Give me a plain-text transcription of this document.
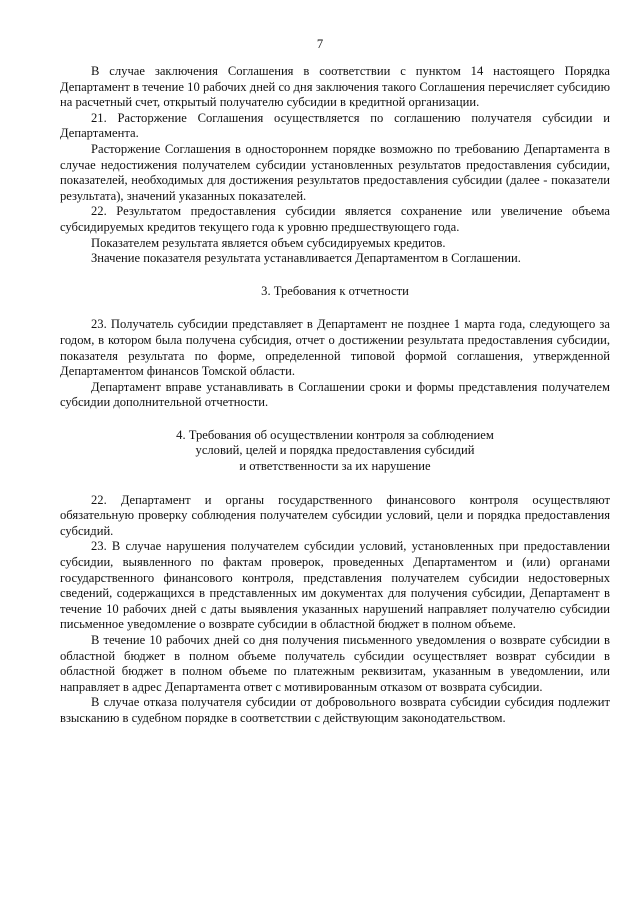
7

В случае заключения Соглашения в соответствии с пунктом 14 настоящего Порядка Департамент в течение 10 рабочих дней со дня заключения такого Соглашения перечисляет субсидию на расчетный счет, открытый получателю субсидии в кредитной организации.

21. Расторжение Соглашения осуществляется по соглашению получателя субсидии и Департамента.

Расторжение Соглашения в одностороннем порядке возможно по требованию Департамента в случае недостижения получателем субсидии установленных результатов предоставления субсидии, показателей, необходимых для достижения результатов предоставления субсидии (далее - показатели результата), значений указанных показателей.

22. Результатом предоставления субсидии является сохранение или увеличение объема субсидируемых кредитов текущего года к уровню предшествующего года.

Показателем результата является объем субсидируемых кредитов.

Значение показателя результата устанавливается Департаментом в Соглашении.

3. Требования к отчетности

23. Получатель субсидии представляет в Департамент не позднее 1 марта года, следующего за годом, в котором была получена субсидия, отчет о достижении результата предоставления субсидии, показателя результата по форме, определенной типовой формой соглашения, утвержденной Департаментом финансов Томской области.

Департамент вправе устанавливать в Соглашении сроки и формы представления получателем субсидии дополнительной отчетности.

4. Требования об осуществлении контроля за соблюдением
условий, целей и порядка предоставления субсидий
и ответственности за их нарушение

22. Департамент и органы государственного финансового контроля осуществляют обязательную проверку соблюдения получателем субсидии условий, цели и порядка предоставления субсидий.

23. В случае нарушения получателем субсидии условий, установленных при предоставлении субсидии, выявленного по фактам проверок, проведенных Департаментом и (или) органами государственного финансового контроля, представления получателем субсидии недостоверных сведений, содержащихся в представленных им документах для получения субсидии, Департамент в течение 10 рабочих дней с даты выявления указанных нарушений направляет получателю субсидии письменное уведомление о возврате субсидии в областной бюджет в полном объеме.

В течение 10 рабочих дней со дня получения письменного уведомления о возврате субсидии в областной бюджет в полном объеме получатель субсидии осуществляет возврат субсидии в областной бюджет в полном объеме по платежным реквизитам, указанным в уведомлении, или направляет в адрес Департамента ответ с мотивированным отказом от возврата субсидии.

В случае отказа получателя субсидии от добровольного возврата субсидии субсидия подлежит взысканию в судебном порядке в соответствии с действующим законодательством.
